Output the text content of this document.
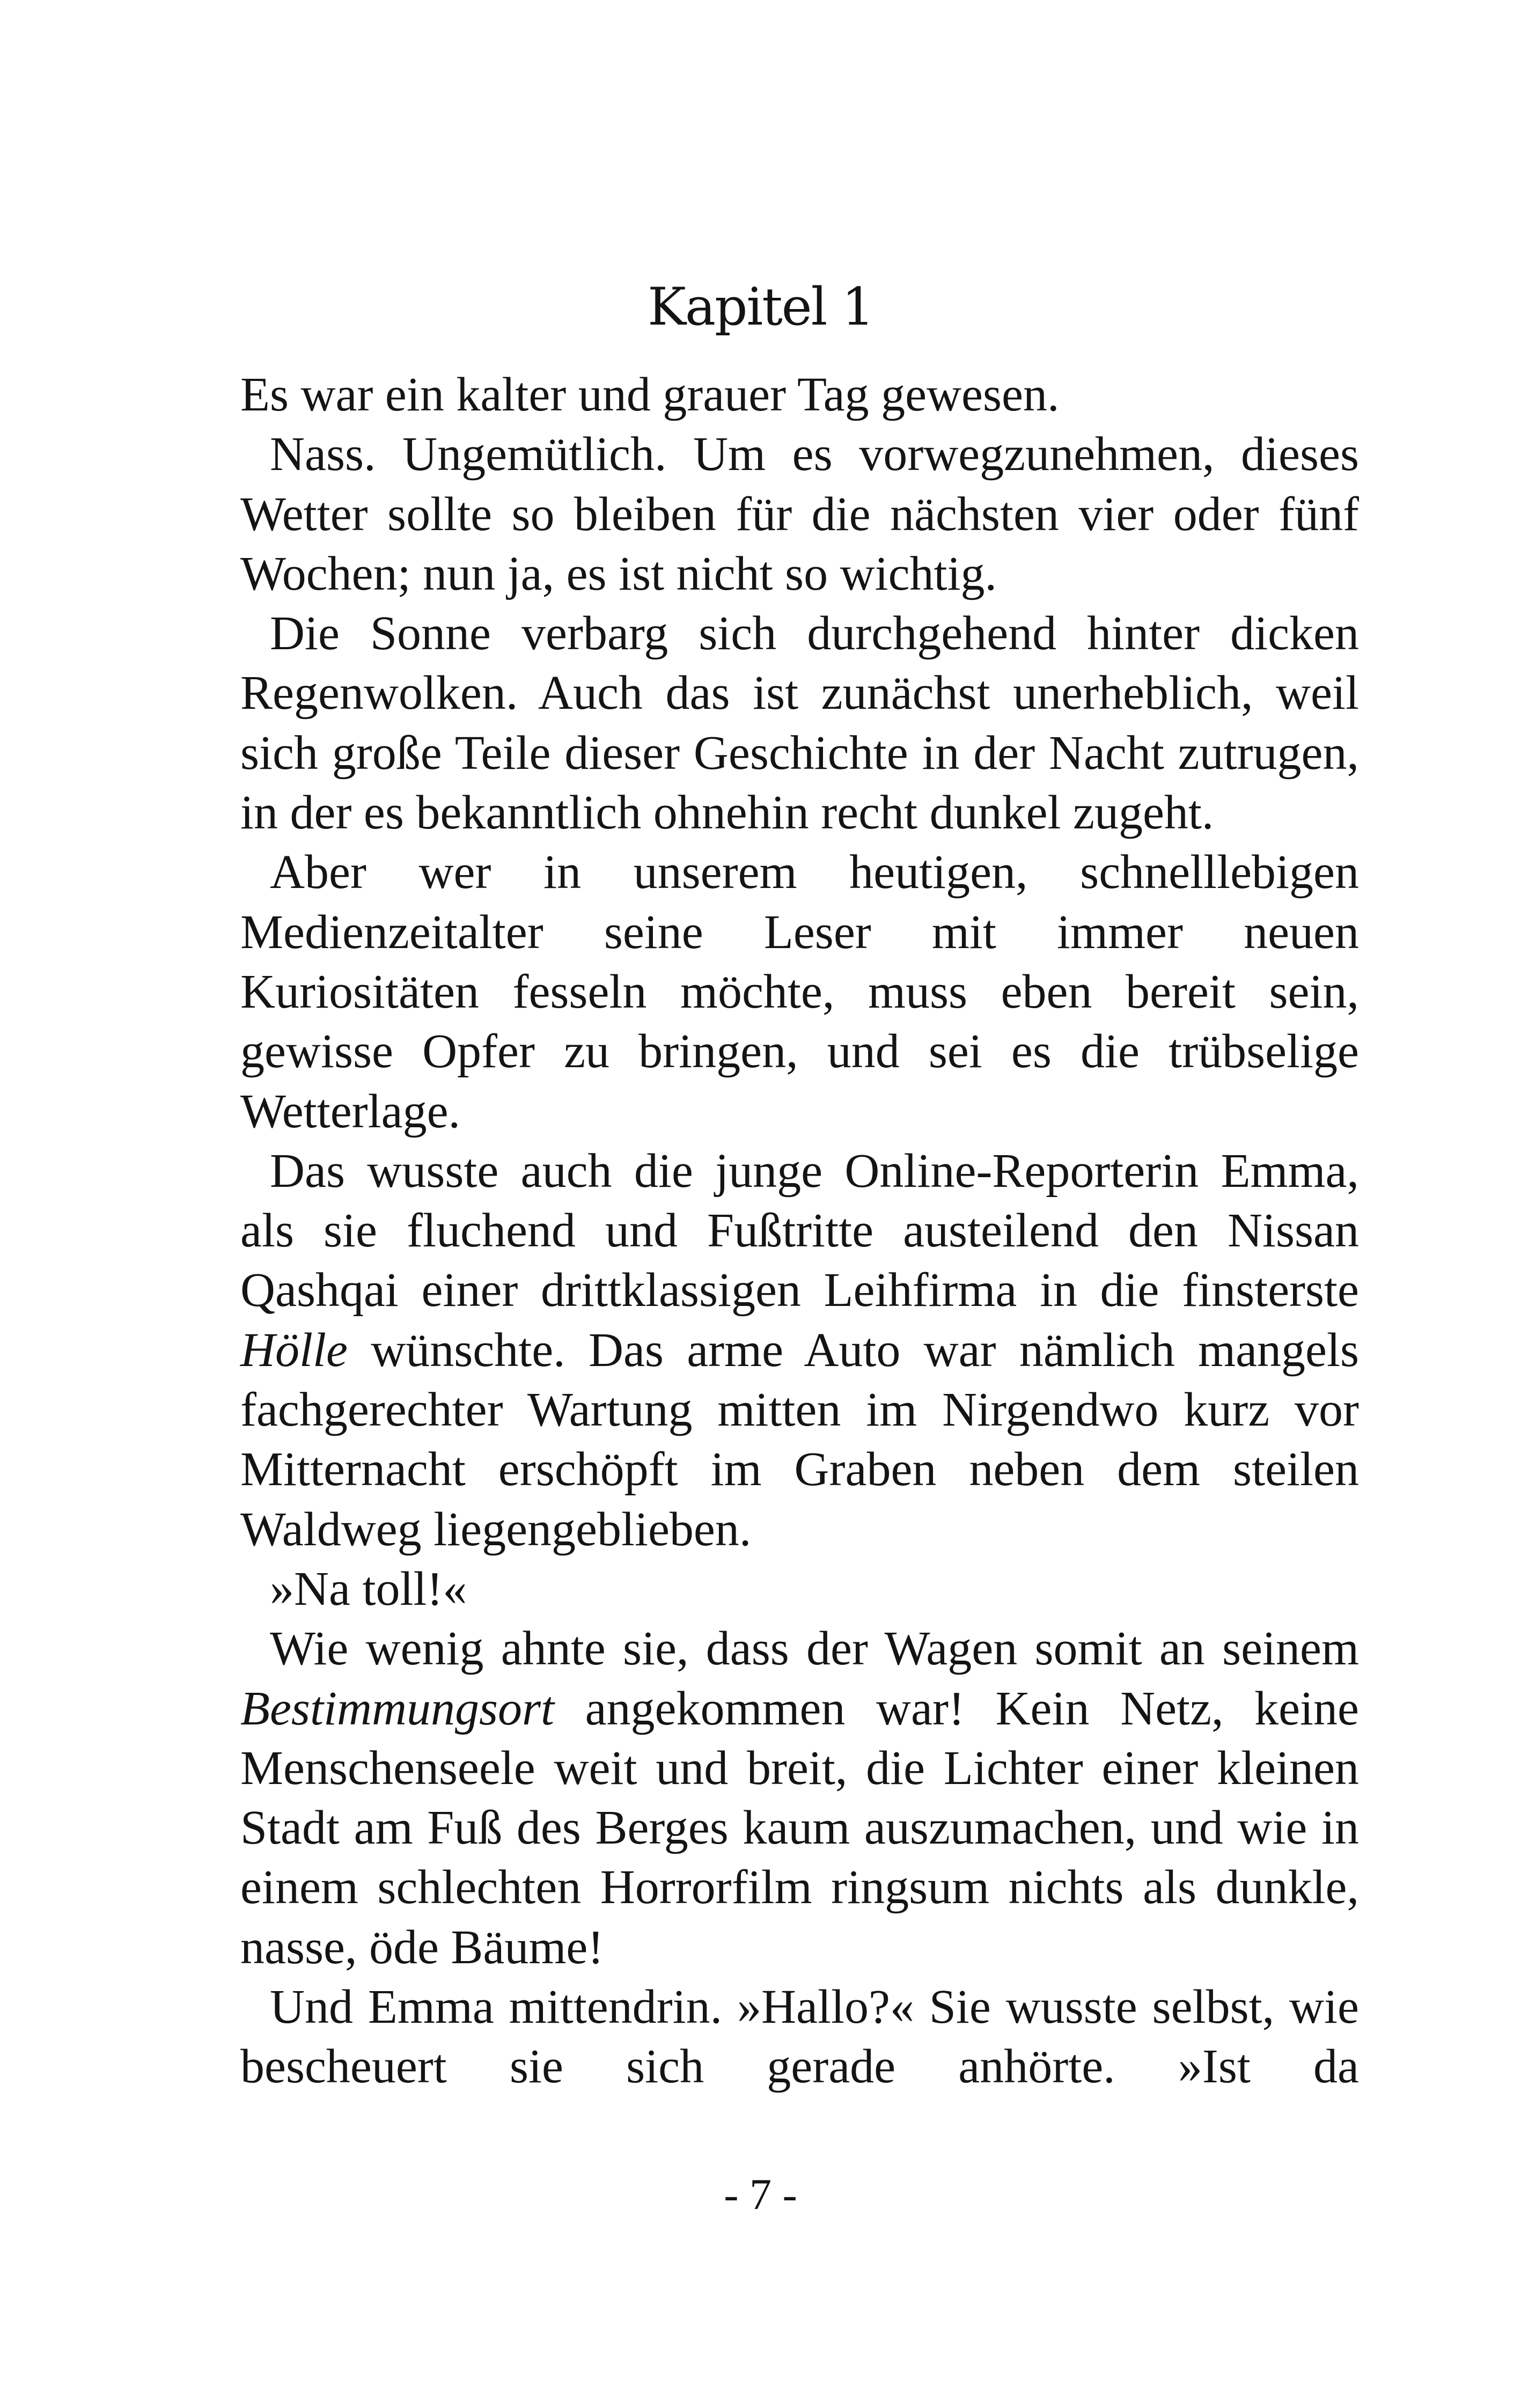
Kapitel 1

Es war ein kalter und grauer Tag gewesen.

Nass. Ungemütlich. Um es vorwegzunehmen, dieses Wetter sollte so bleiben für die nächsten vier oder fünf Wochen; nun ja, es ist nicht so wichtig.

Die Sonne verbarg sich durchgehend hinter dicken Regenwolken. Auch das ist zunächst unerheblich, weil sich große Teile dieser Geschichte in der Nacht zutrugen, in der es bekanntlich ohnehin recht dunkel zugeht.

Aber wer in unserem heutigen, schnelllebigen Medienzeitalter seine Leser mit immer neuen Kuriositäten fesseln möchte, muss eben bereit sein, gewisse Opfer zu bringen, und sei es die trübselige Wetterlage.

Das wusste auch die junge Online-Reporterin Emma, als sie fluchend und Fußtritte austeilend den Nissan Qashqai einer drittklassigen Leihfirma in die finsterste Hölle wünschte. Das arme Auto war nämlich mangels fachgerechter Wartung mitten im Nirgendwo kurz vor Mitternacht erschöpft im Graben neben dem steilen Waldweg liegengeblieben.

»Na toll!«

Wie wenig ahnte sie, dass der Wagen somit an seinem Bestimmungsort angekommen war! Kein Netz, keine Menschenseele weit und breit, die Lichter einer kleinen Stadt am Fuß des Berges kaum auszumachen, und wie in einem schlechten Horrorfilm ringsum nichts als dunkle, nasse, öde Bäume!

Und Emma mittendrin. »Hallo?« Sie wusste selbst, wie bescheuert sie sich gerade anhörte. »Ist da

- 7 -
